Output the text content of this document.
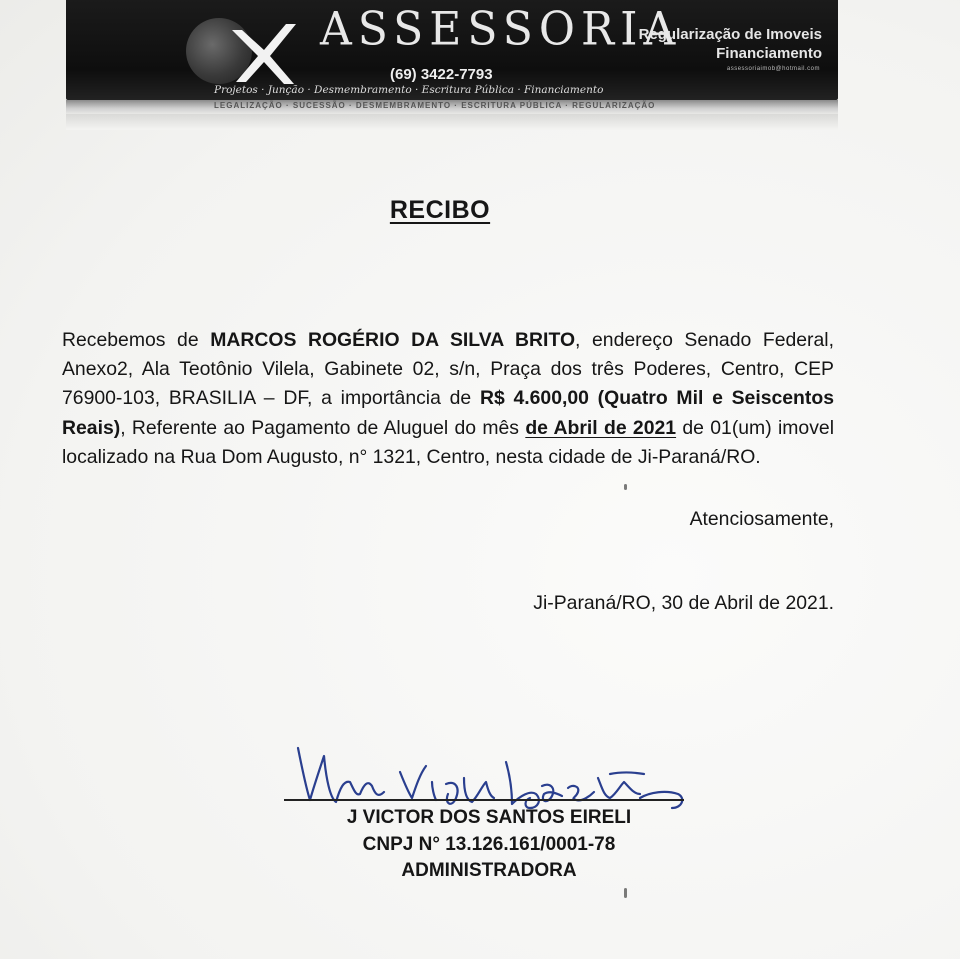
ASSESSORIA
(69) 3422-7793
Regularização de Imoveis
Financiamento
assessoriaimob@hotmail.com
Projetos · Junção · Desmembramento · Escritura Pública · Financiamento
LEGALIZAÇÃO · SUCESSÃO · DESMEMBRAMENTO · ESCRITURA PÚBLICA · REGULARIZAÇÃO
RECIBO
Recebemos de MARCOS ROGÉRIO DA SILVA BRITO, endereço Senado Federal, Anexo2, Ala Teotônio Vilela, Gabinete 02, s/n, Praça dos três Poderes, Centro, CEP 76900-103, BRASILIA – DF, a importância de R$ 4.600,00 (Quatro Mil e Seiscentos Reais), Referente ao Pagamento de Aluguel do mês de Abril de 2021 de 01(um) imovel localizado na Rua Dom Augusto, n° 1321, Centro, nesta cidade de Ji-Paraná/RO.
Atenciosamente,
Ji-Paraná/RO, 30 de Abril de 2021.
J VICTOR DOS SANTOS EIRELI
CNPJ N° 13.126.161/0001-78
ADMINISTRADORA
